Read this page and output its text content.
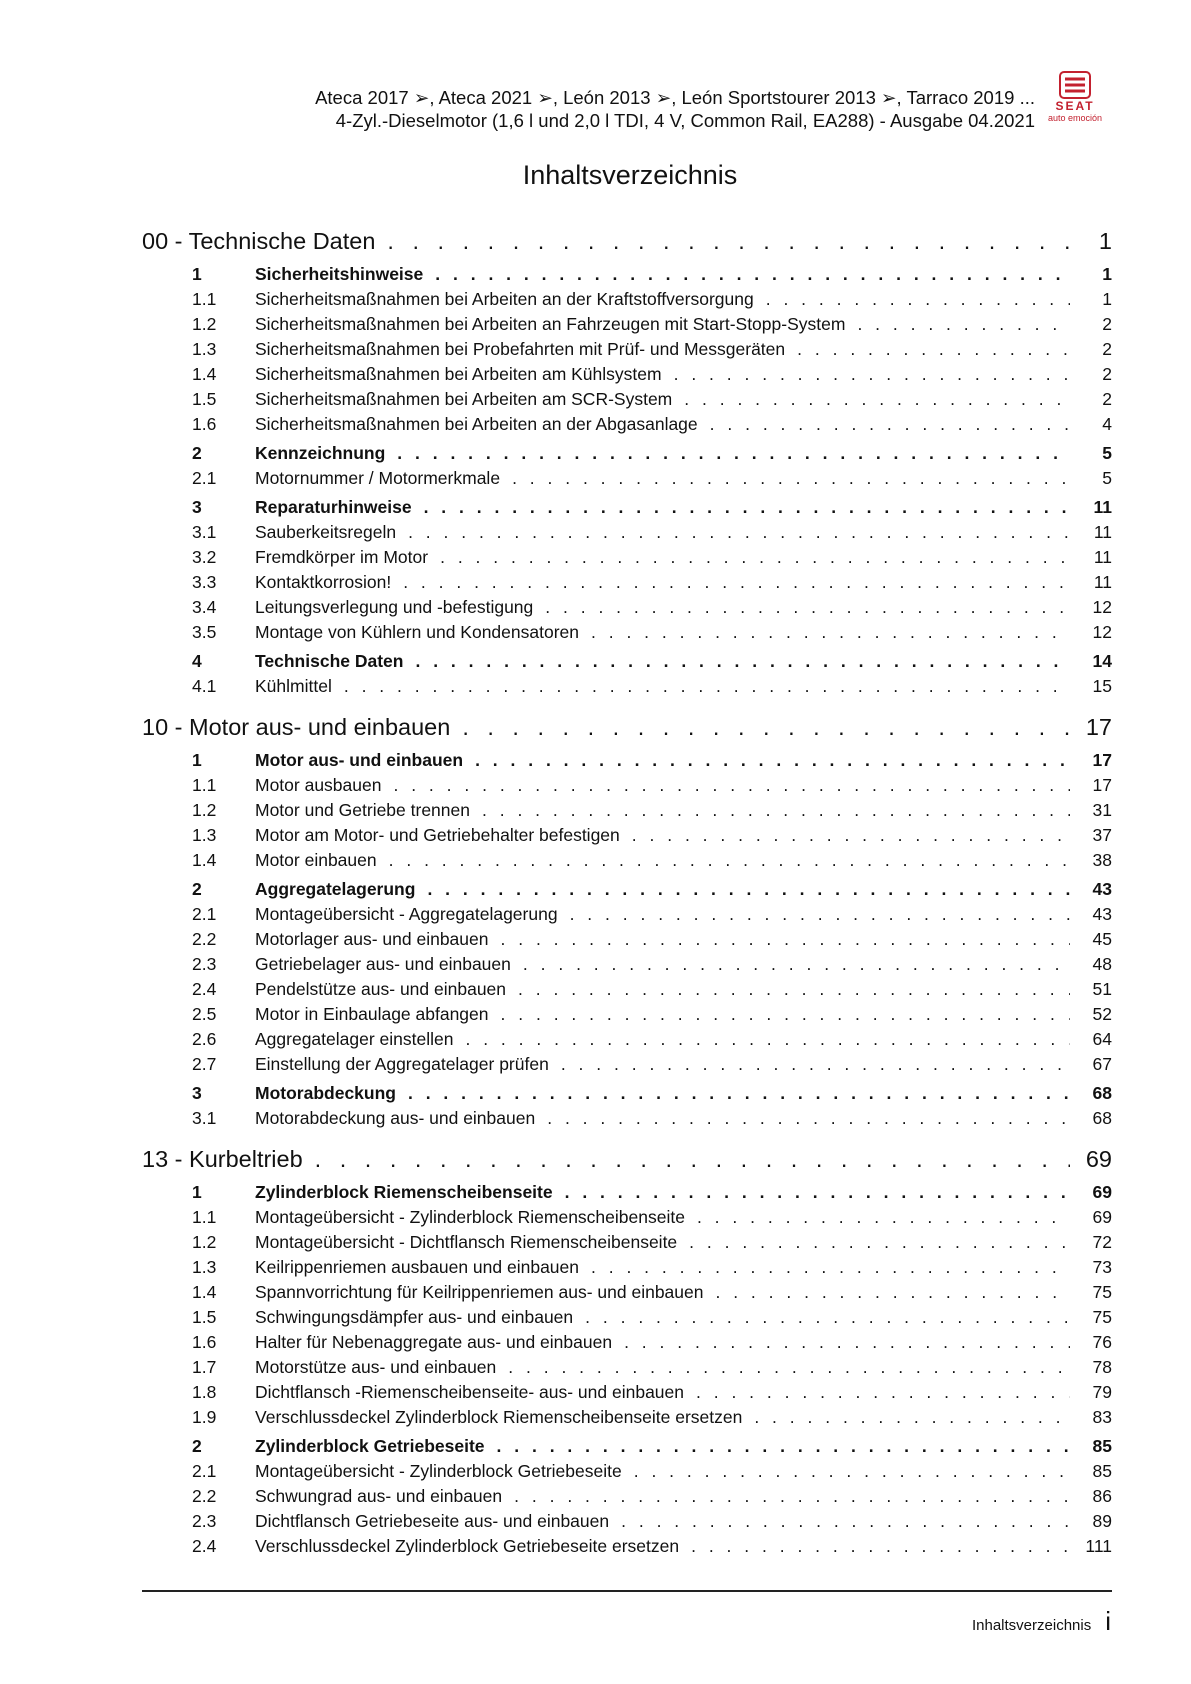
Ateca 2017 ➢, Ateca 2021 ➢, León 2013 ➢, León Sportstourer 2013 ➢, Tarraco 2019 ...
4-Zyl.-Dieselmotor (1,6 l und 2,0 l TDI, 4 V, Common Rail, EA288) - Ausgabe 04.2021
SEAT
auto emoción
Inhaltsverzeichnis
00 - Technische Daten . . .	1
1	Sicherheitshinweise . . .	1
1.1	Sicherheitsmaßnahmen bei Arbeiten an der Kraftstoffversorgung . . .	1
1.2	Sicherheitsmaßnahmen bei Arbeiten an Fahrzeugen mit Start-Stopp-System . . .	2
1.3	Sicherheitsmaßnahmen bei Probefahrten mit Prüf- und Messgeräten . . .	2
1.4	Sicherheitsmaßnahmen bei Arbeiten am Kühlsystem . . .	2
1.5	Sicherheitsmaßnahmen bei Arbeiten am SCR-System . . .	2
1.6	Sicherheitsmaßnahmen bei Arbeiten an der Abgasanlage . . .	4
2	Kennzeichnung . . .	5
2.1	Motornummer / Motormerkmale . . .	5
3	Reparaturhinweise . . .	11
3.1	Sauberkeitsregeln . . .	11
3.2	Fremdkörper im Motor . . .	11
3.3	Kontaktkorrosion! . . .	11
3.4	Leitungsverlegung und -befestigung . . .	12
3.5	Montage von Kühlern und Kondensatoren . . .	12
4	Technische Daten . . .	14
4.1	Kühlmittel . . .	15
10 - Motor aus- und einbauen . . .	17
1	Motor aus- und einbauen . . .	17
1.1	Motor ausbauen . . .	17
1.2	Motor und Getriebe trennen . . .	31
1.3	Motor am Motor- und Getriebehalter befestigen . . .	37
1.4	Motor einbauen . . .	38
2	Aggregatelagerung . . .	43
2.1	Montageübersicht - Aggregatelagerung . . .	43
2.2	Motorlager aus- und einbauen . . .	45
2.3	Getriebelager aus- und einbauen . . .	48
2.4	Pendelstütze aus- und einbauen . . .	51
2.5	Motor in Einbaulage abfangen . . .	52
2.6	Aggregatelager einstellen . . .	64
2.7	Einstellung der Aggregatelager prüfen . . .	67
3	Motorabdeckung . . .	68
3.1	Motorabdeckung aus- und einbauen . . .	68
13 - Kurbeltrieb . . .	69
1	Zylinderblock Riemenscheibenseite . . .	69
1.1	Montageübersicht - Zylinderblock Riemenscheibenseite . . .	69
1.2	Montageübersicht - Dichtflansch Riemenscheibenseite . . .	72
1.3	Keilrippenriemen ausbauen und einbauen . . .	73
1.4	Spannvorrichtung für Keilrippenriemen aus- und einbauen . . .	75
1.5	Schwingungsdämpfer aus- und einbauen . . .	75
1.6	Halter für Nebenaggregate aus- und einbauen . . .	76
1.7	Motorstütze aus- und einbauen . . .	78
1.8	Dichtflansch -Riemenscheibenseite- aus- und einbauen . . .	79
1.9	Verschlussdeckel Zylinderblock Riemenscheibenseite ersetzen . . .	83
2	Zylinderblock Getriebeseite . . .	85
2.1	Montageübersicht - Zylinderblock Getriebeseite . . .	85
2.2	Schwungrad aus- und einbauen . . .	86
2.3	Dichtflansch Getriebeseite aus- und einbauen . . .	89
2.4	Verschlussdeckel Zylinderblock Getriebeseite ersetzen . . .	111
Inhaltsverzeichnis i
